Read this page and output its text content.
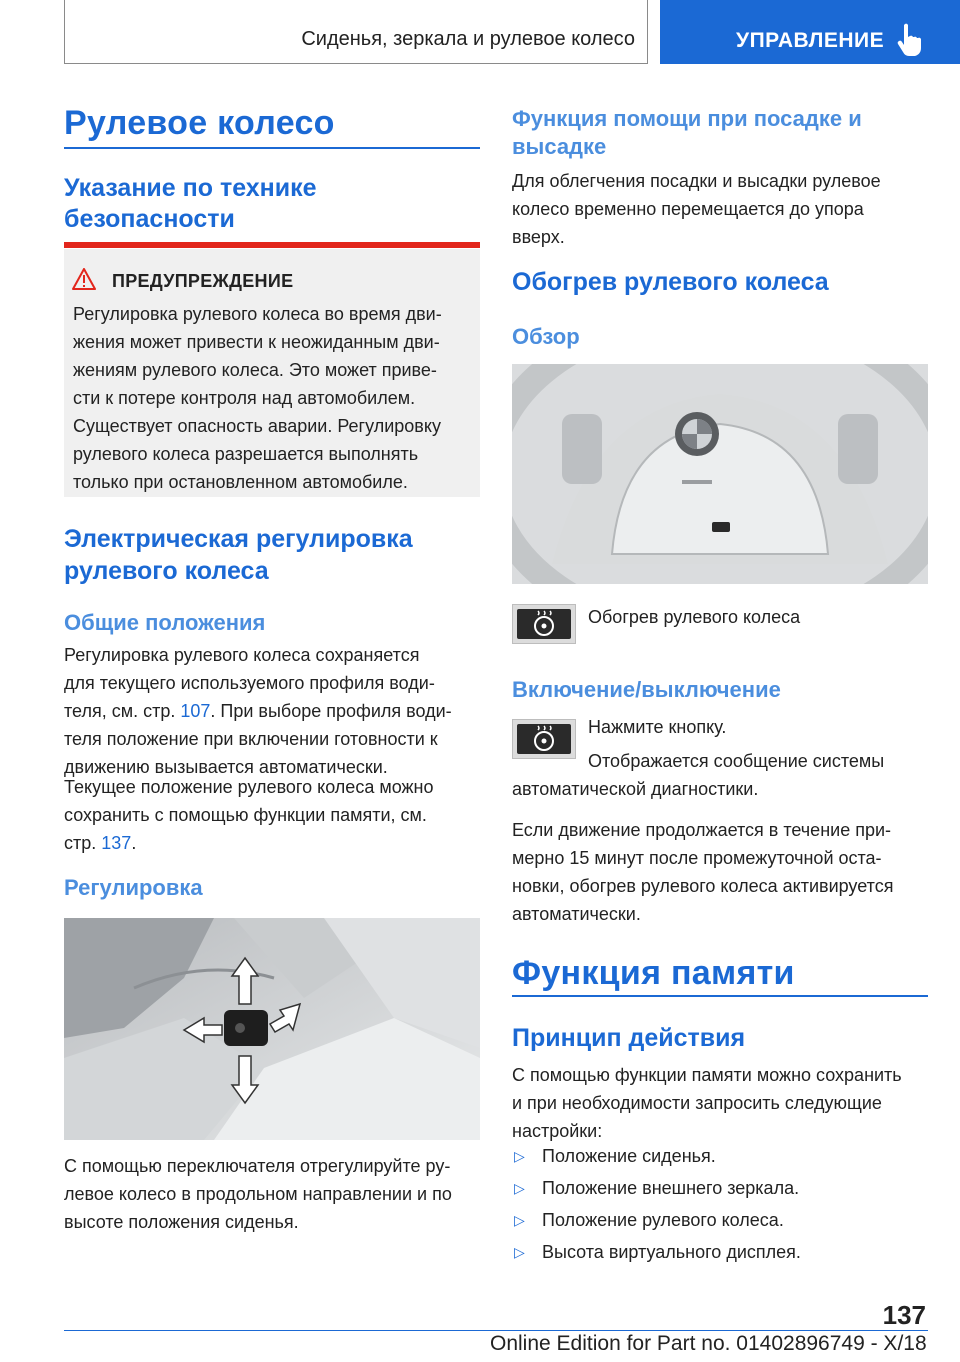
Сиденья, зеркала и рулевое колесо	УПРАВЛЕНИЕ
Рулевое колесо
Указание по технике
безопасности
ПРЕДУПРЕЖДЕНИЕ
Регулировка рулевого колеса во время дви-
жения может привести к неожиданным дви-
жениям рулевого колеса. Это может приве-
сти к потере контроля над автомобилем.
Существует опасность аварии. Регулировку
рулевого колеса разрешается выполнять
только при остановленном автомобиле.
Электрическая регулировка
рулевого колеса
Общие положения
Регулировка рулевого колеса сохраняется
для текущего используемого профиля води-
теля, см. стр. 107. При выборе профиля води-
теля положение при включении готовности к
движению вызывается автоматически.
Текущее положение рулевого колеса можно
сохранить с помощью функции памяти, см.
стр. 137.
Регулировка
С помощью переключателя отрегулируйте ру-
левое колесо в продольном направлении и по
высоте положения сиденья.
Функция помощи при посадке и
высадке
Для облегчения посадки и высадки рулевое
колесо временно перемещается до упора
вверх.
Обогрев рулевого колеса
Обзор
Обогрев рулевого колеса
Включение/выключение
Нажмите кнопку.
Отображается сообщение системы
автоматической диагностики.
Если движение продолжается в течение при-
мерно 15 минут после промежуточной оста-
новки, обогрев рулевого колеса активируется
автоматически.
Функция памяти
Принцип действия
С помощью функции памяти можно сохранить
и при необходимости запросить следующие
настройки:
▷ Положение сиденья.
▷ Положение внешнего зеркала.
▷ Положение рулевого колеса.
▷ Высота виртуального дисплея.
137
Online Edition for Part no. 01402896749 - X/18
